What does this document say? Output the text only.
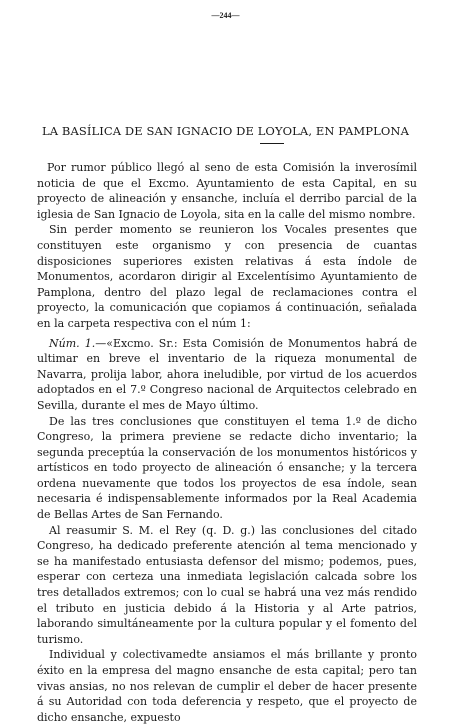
—244—
LA BASÍLICA DE SAN IGNACIO DE LOYOLA, EN PAMPLONA

Por rumor público llegó al seno de esta Comisión la inverosímil noticia de que el Excmo. Ayuntamiento de esta Capital, en su proyecto de alineación y ensanche, incluía el derribo parcial de la iglesia de San Ignacio de Loyola, sita en la calle del mismo nombre.

Sin perder momento se reunieron los Vocales presentes que constituyen este organismo y con presencia de cuantas disposiciones superiores existen relativas á esta índole de Monumentos, acordaron dirigir al Excelentísimo Ayuntamiento de Pamplona, dentro del plazo legal de reclamaciones contra el proyecto, la comunicación que copiamos á continuación, señalada en la carpeta respectiva con el núm 1:

Núm. 1.—«Excmo. Sr.: Esta Comisión de Monumentos habrá de ultimar en breve el inventario de la riqueza monumental de Navarra, prolija labor, ahora ineludible, por virtud de los acuerdos adoptados en el 7.º Congreso nacional de Arquitectos celebrado en Sevilla, durante el mes de Mayo último.

De las tres conclusiones que constituyen el tema 1.º de dicho Congreso, la primera previene se redacte dicho inventario; la segunda preceptúa la conservación de los monumentos históricos y artísticos en todo proyecto de alineación ó ensanche; y la tercera ordena nuevamente que todos los proyectos de esa índole, sean necesaria é indispensablemente informados por la Real Academia de Bellas Artes de San Fernando.

Al reasumir S. M. el Rey (q. D. g.) las conclusiones del citado Congreso, ha dedicado preferente atención al tema mencionado y se ha manifestado entusiasta defensor del mismo; podemos, pues, esperar con certeza una inmediata legislación calcada sobre los tres detallados extremos; con lo cual se habrá una vez más rendido el tributo en justicia debido á la Historia y al Arte patrios, laborando simultáneamente por la cultura popular y el fomento del turismo.

Individual y colectivamedte ansiamos el más brillante y pronto éxito en la empresa del magno ensanche de esta capital; pero tan vivas ansias, no nos relevan de cumplir el deber de hacer presente á su Autoridad con toda deferencia y respeto, que el proyecto de dicho ensanche, expuesto
